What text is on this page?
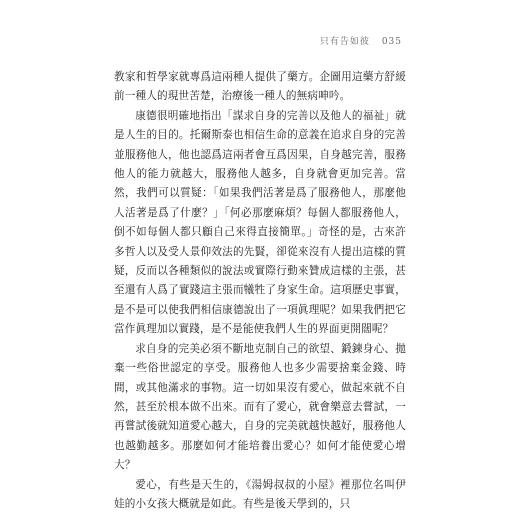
只有告如彼 035

教家和哲學家就專爲這兩種人提供了藥方。企圖用這藥方舒緩前一種人的現世苦楚，治療後一種人的無病呻吟。

康德很明確地指出「謀求自身的完善以及他人的福祉」就是人生的目的。托爾斯泰也相信生命的意義在追求自身的完善並服務他人，他也認爲這兩者會互爲因果，自身越完善，服務他人的能力就越大，服務他人越多，自身就會更加完善。當然，我們可以質疑：「如果我們活著是爲了服務他人，那麼他人活著是爲了什麼？」「何必那麼麻煩？每個人都服務他人，倒不如每個人都只顧自己來得直接簡單。」奇怪的是，古來許多哲人以及受人景仰效法的先賢，卻從來沒有人提出這樣的質疑，反而以各種類似的說法或實際行動來贊成這樣的主張，甚至還有人爲了實踐這主張而犧牲了身家生命。這項歷史事實，是不是可以使我們相信康德說出了一項眞理呢？如果我們把它當作眞理加以實踐，是不是能使我們人生的界面更開闊呢？

求自身的完美必須不斷地克制自己的欲望、鍛鍊身心、拋棄一些俗世認定的享受。服務他人也多少需要捨棄金錢、時間，或其他滿求的事物。這一切如果沒有愛心，做起來就不自然，甚至於根本做不出來。而有了愛心，就會樂意去嘗試，一再嘗試後就知道愛心越大，自身的完美就越快越好，服務他人也越勤越多。那麼如何才能培養出愛心？如何才能使愛心增大？

愛心，有些是天生的，《湯姆叔叔的小屋》裡那位名叫伊娃的小女孩大概就是如此。有些是後天學到的，只
